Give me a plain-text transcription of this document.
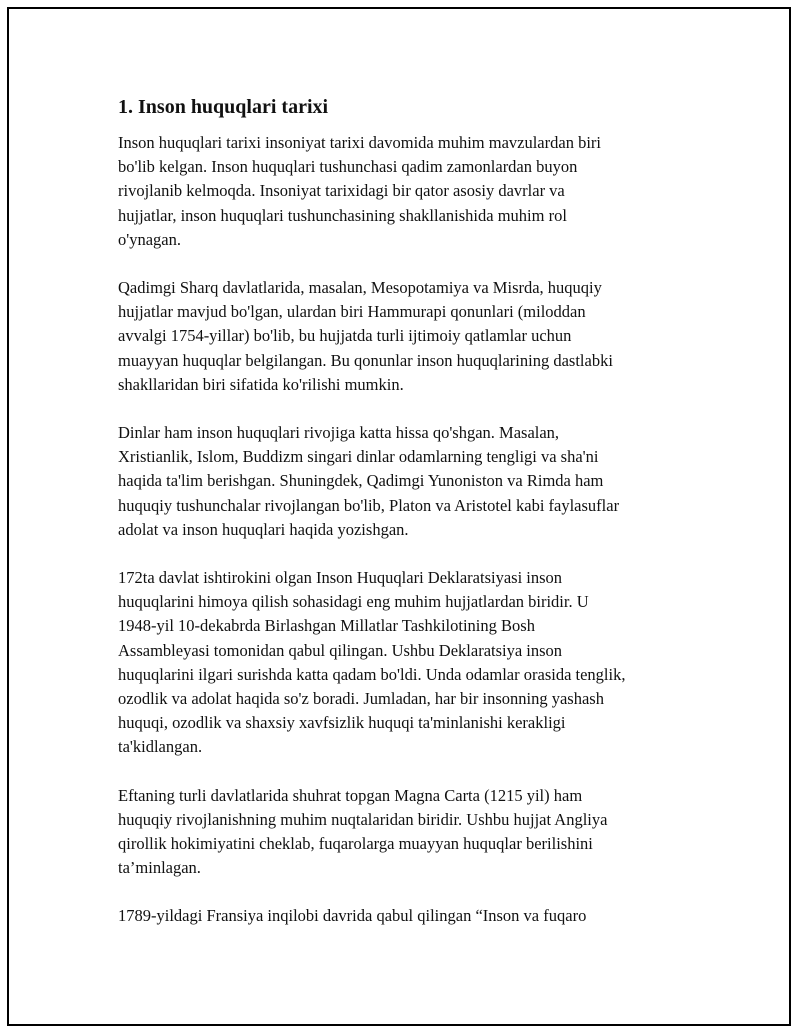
1. Inson huquqlari tarixi

Inson huquqlari tarixi insoniyat tarixi davomida muhim mavzulardan biri
bo'lib kelgan. Inson huquqlari tushunchasi qadim zamonlardan buyon
rivojlanib kelmoqda. Insoniyat tarixidagi bir qator asosiy davrlar va
hujjatlar, inson huquqlari tushunchasining shakllanishida muhim rol
o'ynagan.

Qadimgi Sharq davlatlarida, masalan, Mesopotamiya va Misrda, huquqiy
hujjatlar mavjud bo'lgan, ulardan biri Hammurapi qonunlari (miloddan
avvalgi 1754-yillar) bo'lib, bu hujjatda turli ijtimoiy qatlamlar uchun
muayyan huquqlar belgilangan. Bu qonunlar inson huquqlarining dastlabki
shakllaridan biri sifatida ko'rilishi mumkin.

Dinlar ham inson huquqlari rivojiga katta hissa qo'shgan. Masalan,
Xristianlik, Islom, Buddizm singari dinlar odamlarning tengligi va sha'ni
haqida ta'lim berishgan. Shuningdek, Qadimgi Yunoniston va Rimda ham
huquqiy tushunchalar rivojlangan bo'lib, Platon va Aristotel kabi faylasuflar
adolat va inson huquqlari haqida yozishgan.

172ta davlat ishtirokini olgan Inson Huquqlari Deklaratsiyasi inson
huquqlarini himoya qilish sohasidagi eng muhim hujjatlardan biridir. U
1948-yil 10-dekabrda Birlashgan Millatlar Tashkilotining Bosh
Assambleyasi tomonidan qabul qilingan. Ushbu Deklaratsiya inson
huquqlarini ilgari surishda katta qadam bo'ldi. Unda odamlar orasida tenglik,
ozodlik va adolat haqida so'z boradi. Jumladan, har bir insonning yashash
huquqi, ozodlik va shaxsiy xavfsizlik huquqi ta'minlanishi kerakligi
ta'kidlangan.

Eftaning turli davlatlarida shuhrat topgan Magna Carta (1215 yil) ham
huquqiy rivojlanishning muhim nuqtalaridan biridir. Ushbu hujjat Angliya
qirollik hokimiyatini cheklab, fuqarolarga muayyan huquqlar berilishini
ta’minlagan.

1789-yildagi Fransiya inqilobi davrida qabul qilingan “Inson va fuqaro
